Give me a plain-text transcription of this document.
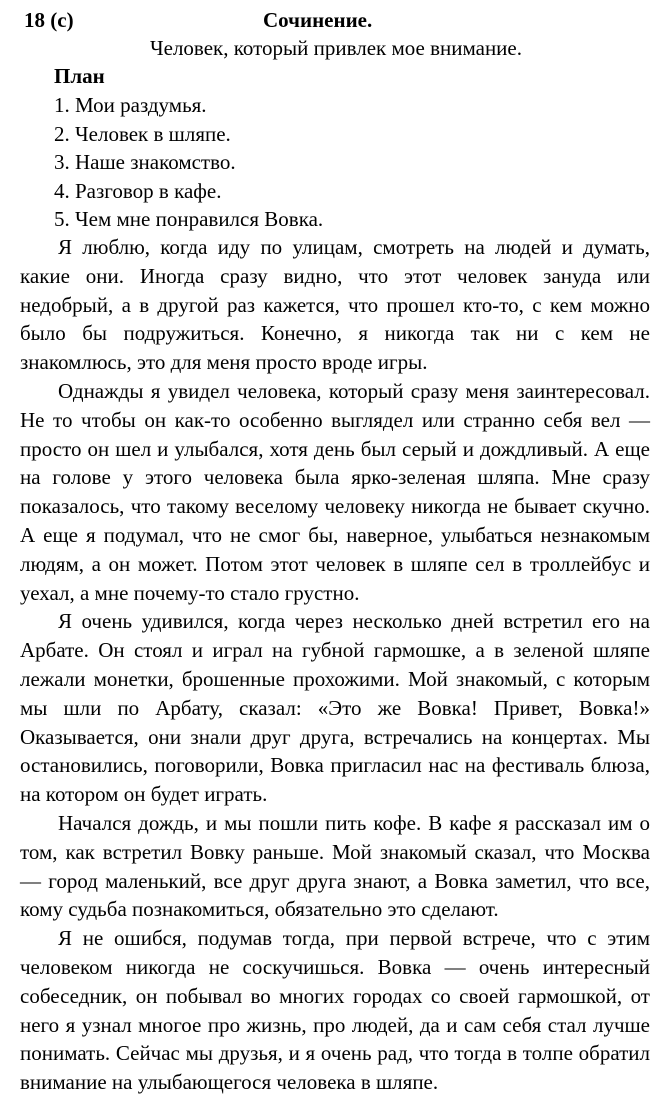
18 (с)	Сочинение.
Человек, который привлек мое внимание.
План
1. Мои раздумья.
2. Человек в шляпе.
3. Наше знакомство.
4. Разговор в кафе.
5. Чем мне понравился Вовка.

Я люблю, когда иду по улицам, смотреть на людей и думать, какие они. Иногда сразу видно, что этот человек зануда или недобрый, а в другой раз кажется, что прошел кто-то, с кем можно было бы подружиться. Конечно, я никогда так ни с кем не знакомлюсь, это для меня просто вроде игры.

Однажды я увидел человека, который сразу меня заинтересовал. Не то чтобы он как-то особенно выглядел или странно себя вел — просто он шел и улыбался, хотя день был серый и дождливый. А еще на голове у этого человека была ярко-зеленая шляпа. Мне сразу показалось, что такому веселому человеку никогда не бывает скучно. А еще я подумал, что не смог бы, наверное, улыбаться незнакомым людям, а он может. Потом этот человек в шляпе сел в троллейбус и уехал, а мне почему-то стало грустно.

Я очень удивился, когда через несколько дней встретил его на Арбате. Он стоял и играл на губной гармошке, а в зеленой шляпе лежали монетки, брошенные прохожими. Мой знакомый, с которым мы шли по Арбату, сказал: «Это же Вовка! Привет, Вовка!» Оказывается, они знали друг друга, встречались на концертах. Мы остановились, поговорили, Вовка пригласил нас на фестиваль блюза, на котором он будет играть.

Начался дождь, и мы пошли пить кофе. В кафе я рассказал им о том, как встретил Вовку раньше. Мой знакомый сказал, что Москва — город маленький, все друг друга знают, а Вовка заметил, что все, кому судьба познакомиться, обязательно это сделают.

Я не ошибся, подумав тогда, при первой встрече, что с этим человеком никогда не соскучишься. Вовка — очень интересный собеседник, он побывал во многих городах со своей гармошкой, от него я узнал многое про жизнь, про людей, да и сам себя стал лучше понимать. Сейчас мы друзья, и я очень рад, что тогда в толпе обратил внимание на улыбающегося человека в шляпе.
